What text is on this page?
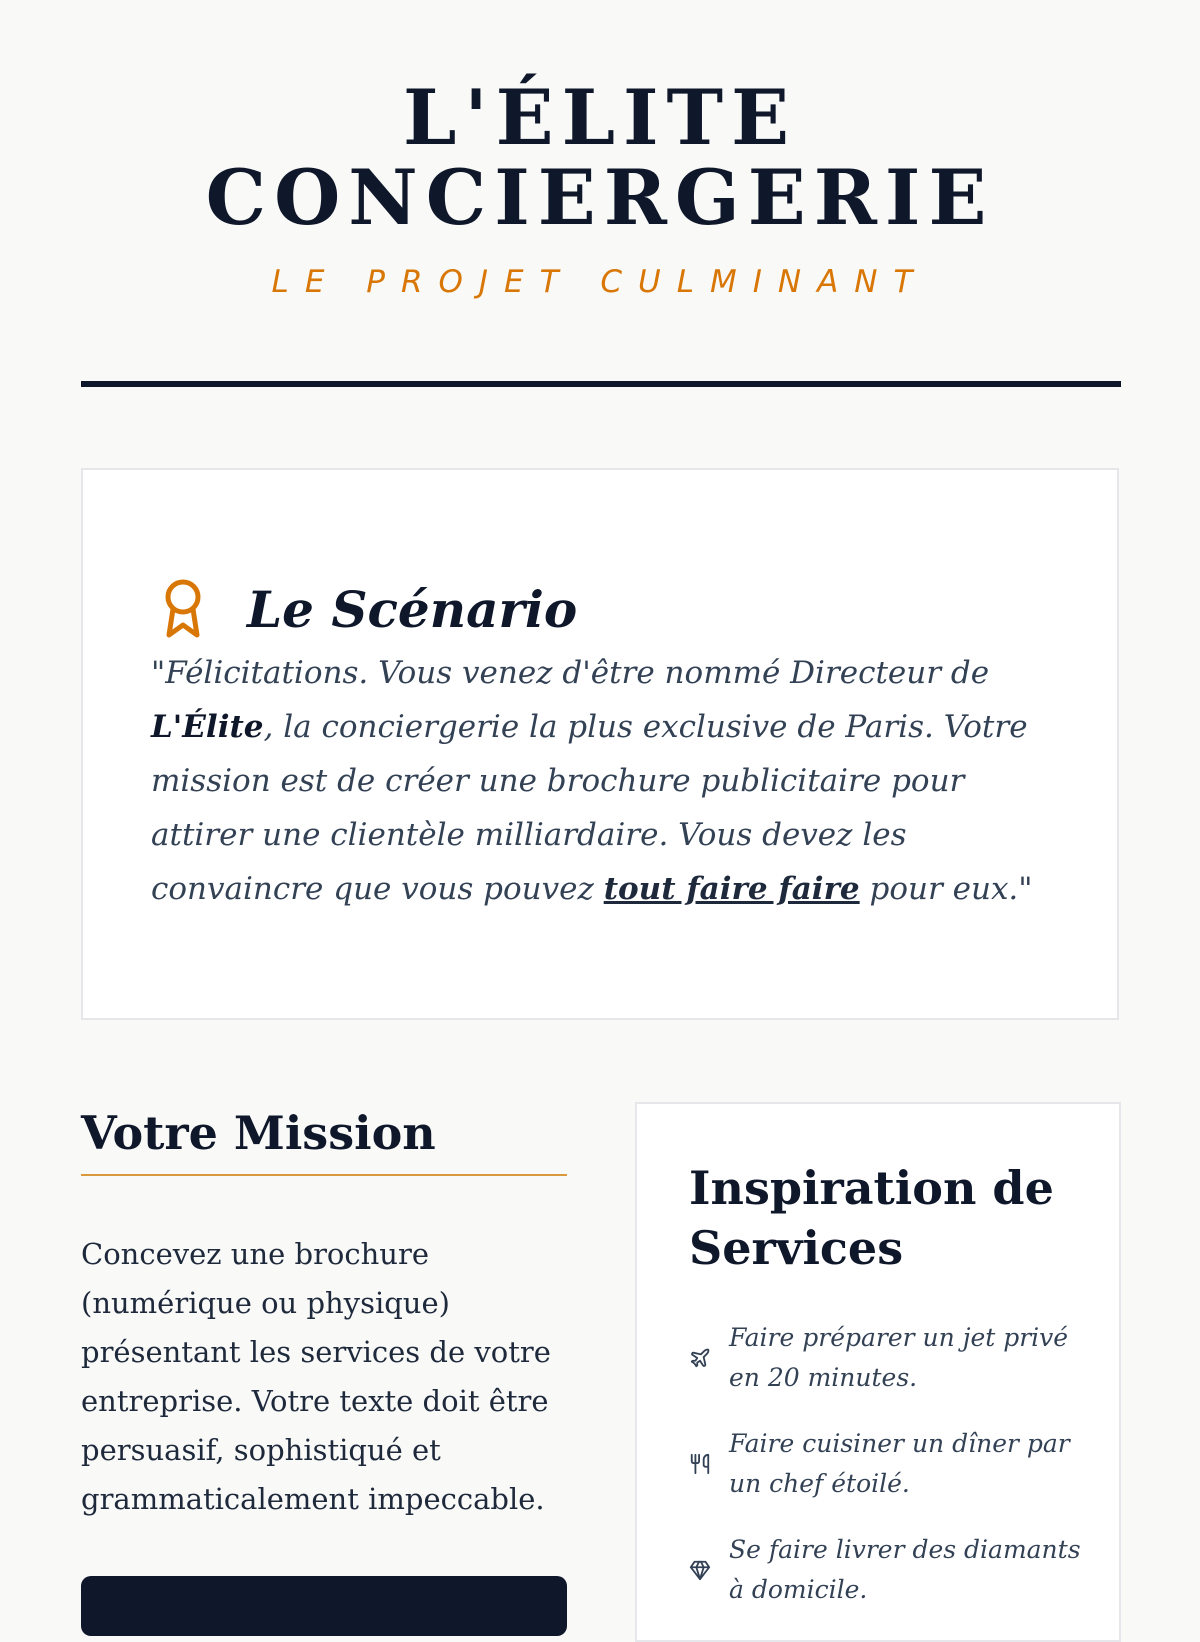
L'ÉLITE
CONCIERGERIE
LE PROJET CULMINANT
Le Scénario

"Félicitations. Vous venez d'être nommé Directeur de L'Élite, la conciergerie la plus exclusive de Paris. Votre mission est de créer une brochure publicitaire pour attirer une clientèle milliardaire. Vous devez les convaincre que vous pouvez tout faire faire pour eux."

Votre Mission

Concevez une brochure (numérique ou physique) présentant les services de votre entreprise. Votre texte doit être persuasif, sophistiqué et grammaticalement impeccable.

Inspiration de Services
Faire préparer un jet privé en 20 minutes.
Faire cuisiner un dîner par un chef étoilé.
Se faire livrer des diamants à domicile.
